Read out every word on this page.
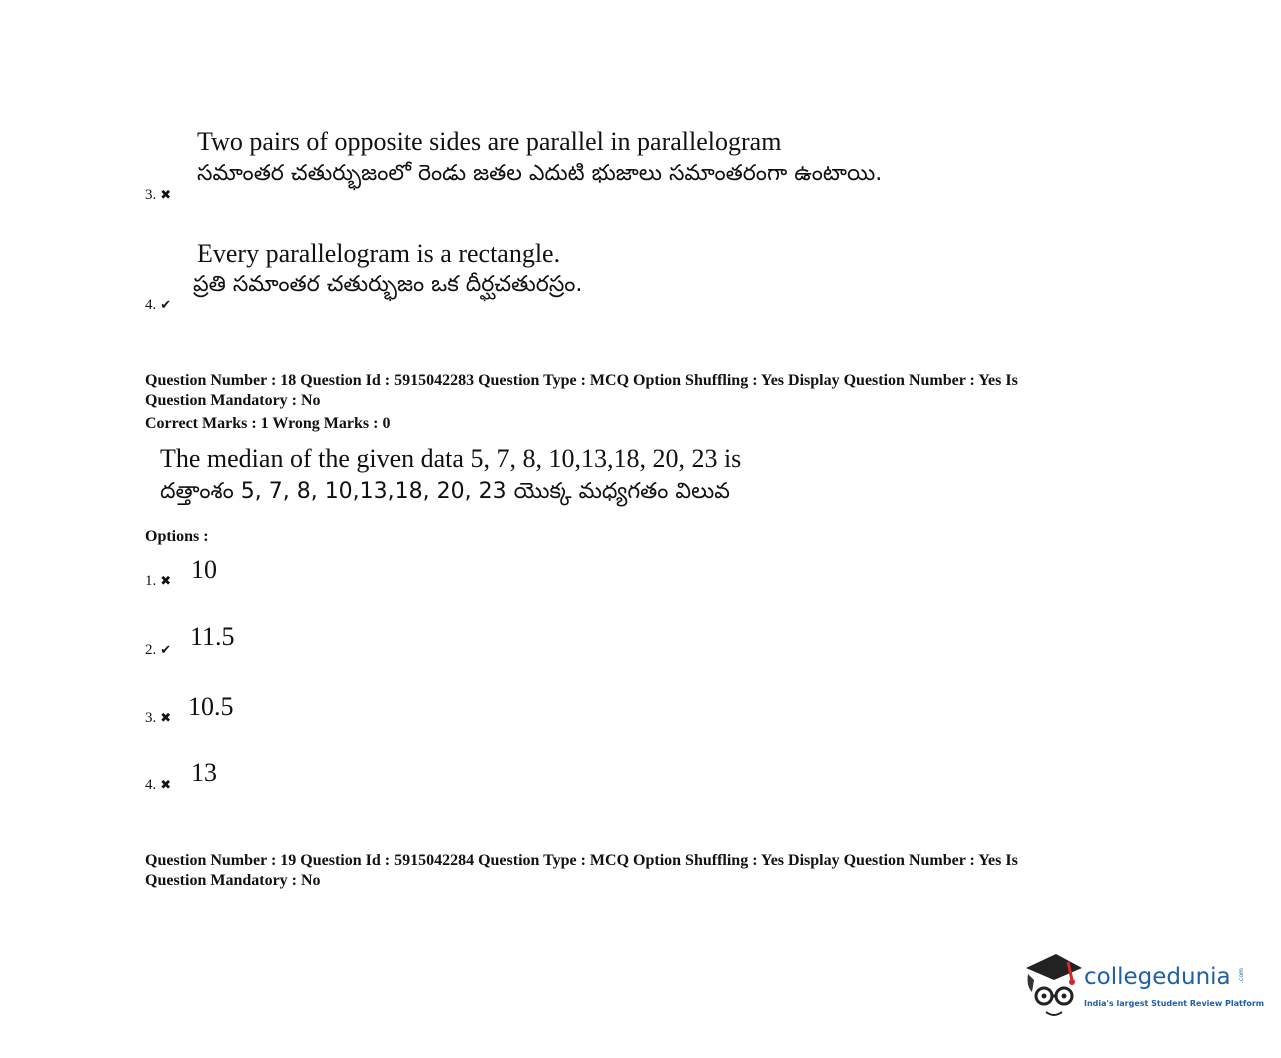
Two pairs of opposite sides are parallel in parallelogram
సమాంతర చతుర్భుజంలో రెండు జతల ఎదుటి భుజాలు సమాంతరంగా ఉంటాయి.
3. ✖
Every parallelogram is a rectangle.
ప్రతి సమాంతర చతుర్భుజం ఒక దీర్ఘచతురస్రం.
4. ✔
Question Number : 18 Question Id : 5915042283 Question Type : MCQ Option Shuffling : Yes Display Question Number : Yes Is
Question Mandatory : No
Correct Marks : 1 Wrong Marks : 0
The median of the given data 5, 7, 8, 10,13,18, 20, 23 is
దత్తాంశం 5, 7, 8, 10,13,18, 20, 23 యొక్క మధ్యగతం విలువ
Options :
1. ✖ 10
2. ✔ 11.5
3. ✖ 10.5
4. ✖ 13
Question Number : 19 Question Id : 5915042284 Question Type : MCQ Option Shuffling : Yes Display Question Number : Yes Is
Question Mandatory : No
collegedunia .com
India's largest Student Review Platform
